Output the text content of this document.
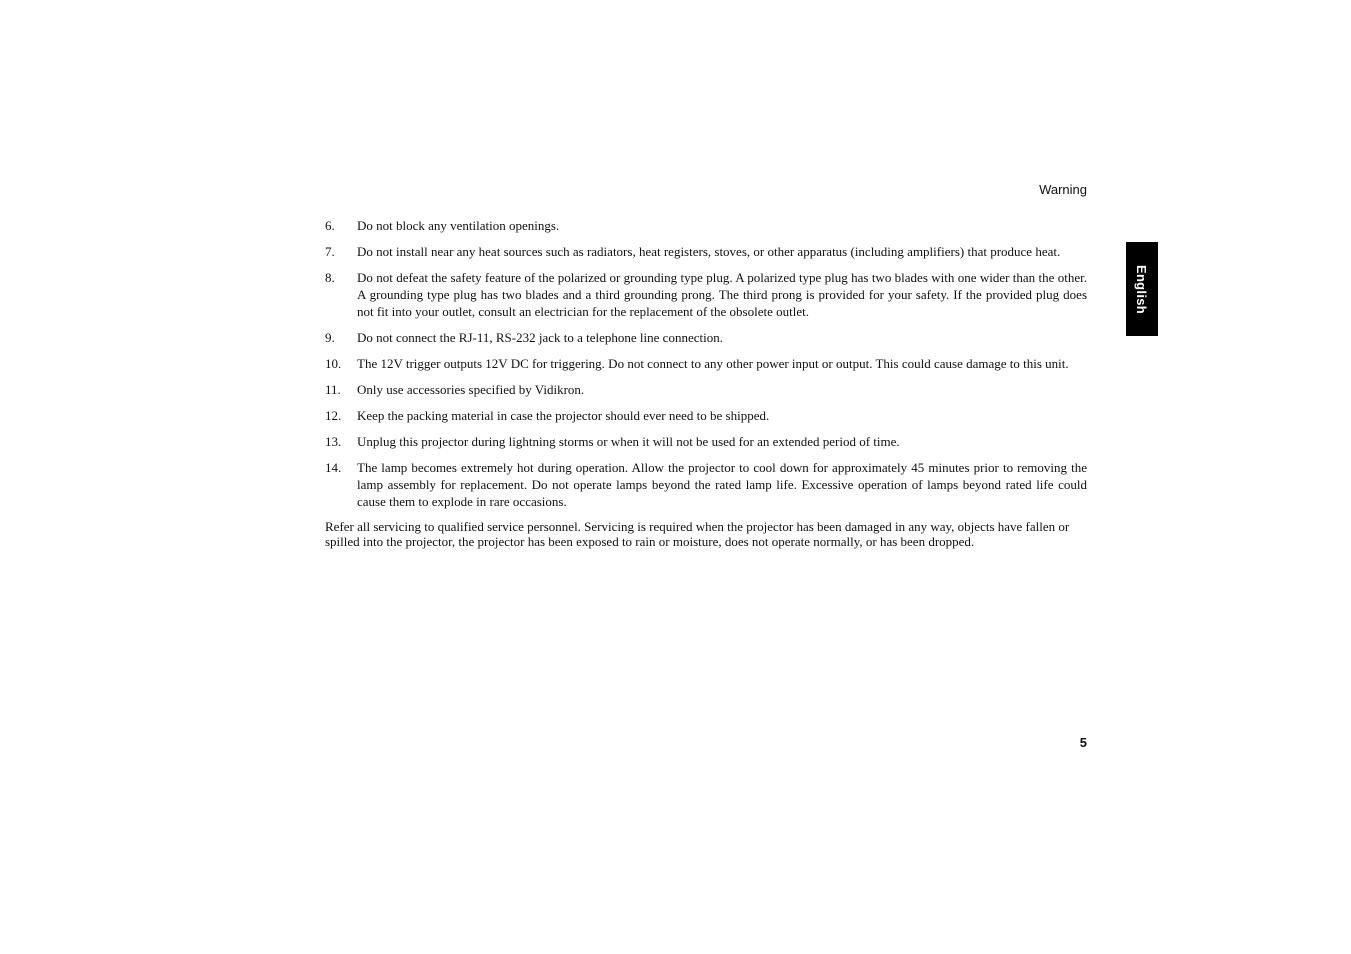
Warning
English
6.	Do not block any ventilation openings.
7.	Do not install near any heat sources such as radiators, heat registers, stoves, or other apparatus (including amplifiers) that produce heat.
8.	Do not defeat the safety feature of the polarized or grounding type plug. A polarized type plug has two blades with one wider than the other. A grounding type plug has two blades and a third grounding prong. The third prong is provided for your safety. If the provided plug does not fit into your outlet, consult an electrician for the replacement of the obsolete outlet.
9.	Do not connect the RJ-11, RS-232 jack to a telephone line connection.
10.	The 12V trigger outputs 12V DC for triggering. Do not connect to any other power input or output. This could cause damage to this unit.
11.	Only use accessories specified by Vidikron.
12.	Keep the packing material in case the projector should ever need to be shipped.
13.	Unplug this projector during lightning storms or when it will not be used for an extended period of time.
14.	The lamp becomes extremely hot during operation. Allow the projector to cool down for approximately 45 minutes prior to removing the lamp assembly for replacement. Do not operate lamps beyond the rated lamp life. Excessive operation of lamps beyond rated life could cause them to explode in rare occasions.
Refer all servicing to qualified service personnel. Servicing is required when the projector has been damaged in any way, objects have fallen or spilled into the projector, the projector has been exposed to rain or moisture, does not operate normally, or has been dropped.
5
